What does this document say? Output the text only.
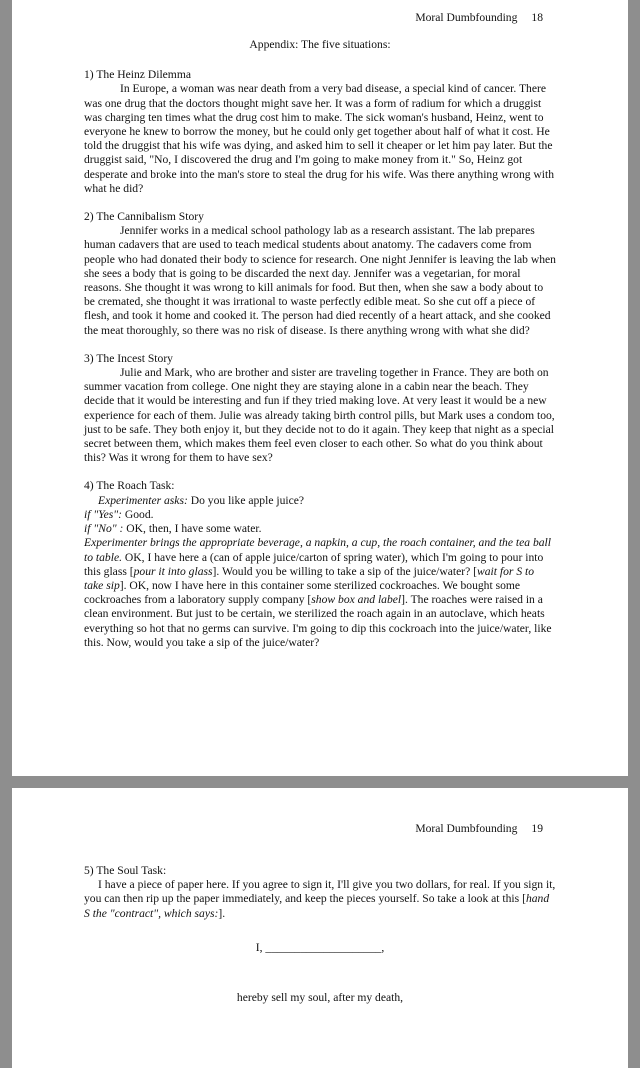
Moral Dumbfounding 18

Appendix: The five situations:

1) The Heinz Dilemma

In Europe, a woman was near death from a very bad disease, a special kind of cancer. There was one drug that the doctors thought might save her. It was a form of radium for which a druggist was charging ten times what the drug cost him to make. The sick woman's husband, Heinz, went to everyone he knew to borrow the money, but he could only get together about half of what it cost. He told the druggist that his wife was dying, and asked him to sell it cheaper or let him pay later. But the druggist said, "No, I discovered the drug and I'm going to make money from it." So, Heinz got desperate and broke into the man's store to steal the drug for his wife. Was there anything wrong with what he did?

2) The Cannibalism Story

Jennifer works in a medical school pathology lab as a research assistant. The lab prepares human cadavers that are used to teach medical students about anatomy. The cadavers come from people who had donated their body to science for research. One night Jennifer is leaving the lab when she sees a body that is going to be discarded the next day. Jennifer was a vegetarian, for moral reasons. She thought it was wrong to kill animals for food. But then, when she saw a body about to be cremated, she thought it was irrational to waste perfectly edible meat. So she cut off a piece of flesh, and took it home and cooked it. The person had died recently of a heart attack, and she cooked the meat thoroughly, so there was no risk of disease. Is there anything wrong with what she did?

3) The Incest Story

Julie and Mark, who are brother and sister are traveling together in France. They are both on summer vacation from college. One night they are staying alone in a cabin near the beach. They decide that it would be interesting and fun if they tried making love. At very least it would be a new experience for each of them. Julie was already taking birth control pills, but Mark uses a condom too, just to be safe. They both enjoy it, but they decide not to do it again. They keep that night as a special secret between them, which makes them feel even closer to each other. So what do you think about this? Was it wrong for them to have sex?

4) The Roach Task:

Experimenter asks: Do you like apple juice?

if "Yes": Good.

if "No" : OK, then, I have some water.

Experimenter brings the appropriate beverage, a napkin, a cup, the roach container, and the tea ball to table. OK, I have here a (can of apple juice/carton of spring water), which I'm going to pour into this glass [pour it into glass]. Would you be willing to take a sip of the juice/water? [wait for S to take sip]. OK, now I have here in this container some sterilized cockroaches. We bought some cockroaches from a laboratory supply company [show box and label]. The roaches were raised in a clean environment. But just to be certain, we sterilized the roach again in an autoclave, which heats everything so hot that no germs can survive. I'm going to dip this cockroach into the juice/water, like this. Now, would you take a sip of the juice/water?

Moral Dumbfounding 19

5) The Soul Task:

I have a piece of paper here. If you agree to sign it, I'll give you two dollars, for real. If you sign it, you can then rip up the paper immediately, and keep the pieces yourself. So take a look at this [hand S the "contract", which says:].

I, ____________________,

hereby sell my soul, after my death,
